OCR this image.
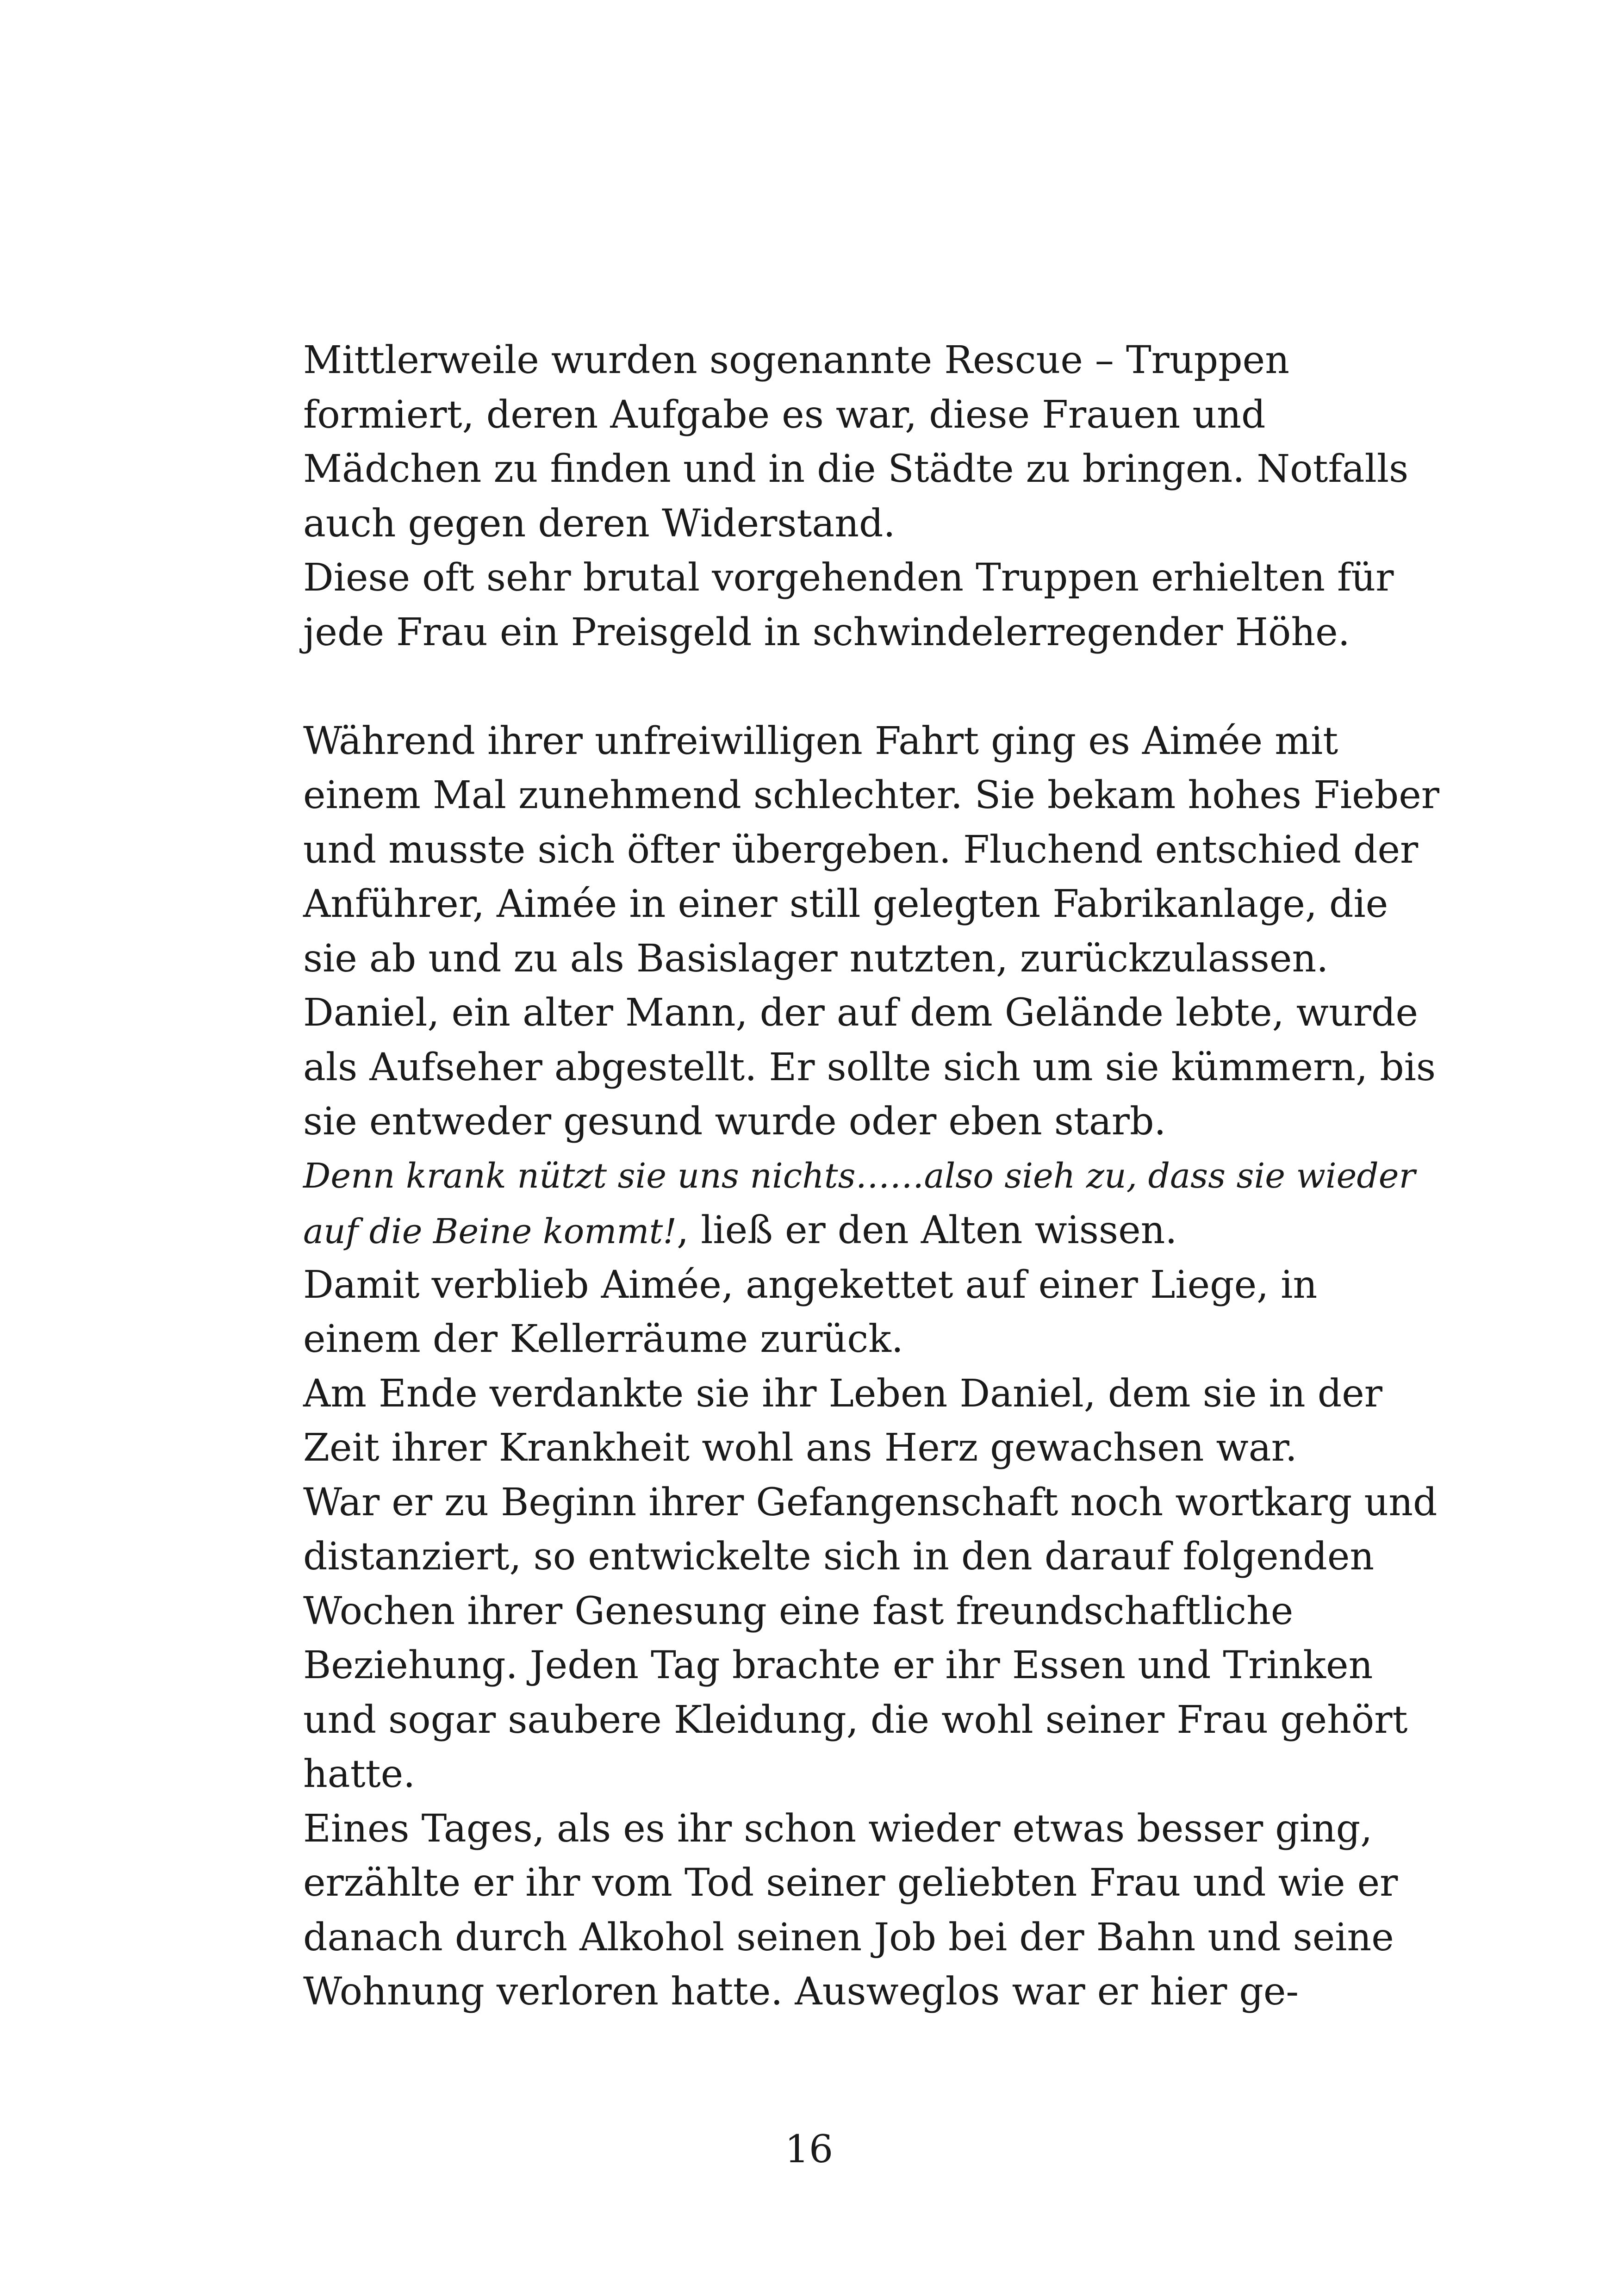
Mittlerweile wurden sogenannte Rescue – Truppen
formiert, deren Aufgabe es war, diese Frauen und
Mädchen zu finden und in die Städte zu bringen. Notfalls
auch gegen deren Widerstand.
Diese oft sehr brutal vorgehenden Truppen erhielten für
jede Frau ein Preisgeld in schwindelerregender Höhe.
Während ihrer unfreiwilligen Fahrt ging es Aimée mit
einem Mal zunehmend schlechter. Sie bekam hohes Fieber
und musste sich öfter übergeben. Fluchend entschied der
Anführer, Aimée in einer still gelegten Fabrikanlage, die
sie ab und zu als Basislager nutzten, zurückzulassen.
Daniel, ein alter Mann, der auf dem Gelände lebte, wurde
als Aufseher abgestellt. Er sollte sich um sie kümmern, bis
sie entweder gesund wurde oder eben starb.
Denn krank nützt sie uns nichts……also sieh zu, dass sie wieder
auf die Beine kommt!, ließ er den Alten wissen.
Damit verblieb Aimée, angekettet auf einer Liege, in
einem der Kellerräume zurück.
Am Ende verdankte sie ihr Leben Daniel, dem sie in der
Zeit ihrer Krankheit wohl ans Herz gewachsen war.
War er zu Beginn ihrer Gefangenschaft noch wortkarg und
distanziert, so entwickelte sich in den darauf folgenden
Wochen ihrer Genesung eine fast freundschaftliche
Beziehung. Jeden Tag brachte er ihr Essen und Trinken
und sogar saubere Kleidung, die wohl seiner Frau gehört
hatte.
Eines Tages, als es ihr schon wieder etwas besser ging,
erzählte er ihr vom Tod seiner geliebten Frau und wie er
danach durch Alkohol seinen Job bei der Bahn und seine
Wohnung verloren hatte. Ausweglos war er hier ge-
16
